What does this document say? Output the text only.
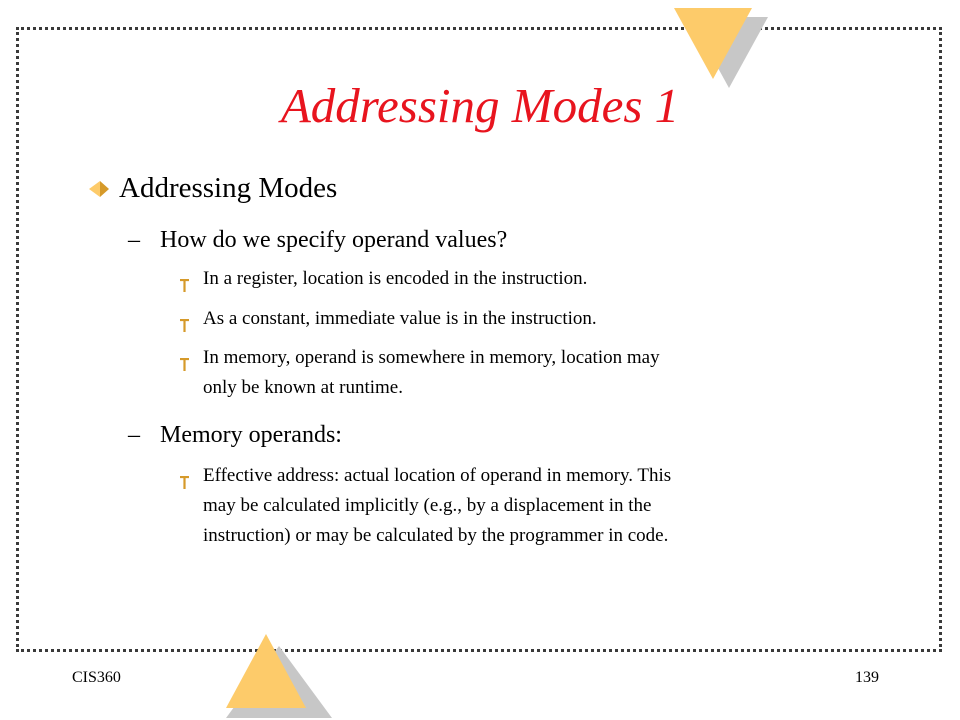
Addressing Modes 1
Addressing Modes
– How do we specify operand values?
In a register, location is encoded in the instruction.
As a constant, immediate value is in the instruction.
In memory, operand is somewhere in memory, location may
only be known at runtime.
– Memory operands:
Effective address: actual location of operand in memory. This
may be calculated implicitly (e.g., by a displacement in the
instruction) or may be calculated by the programmer in code.
CIS360	139
